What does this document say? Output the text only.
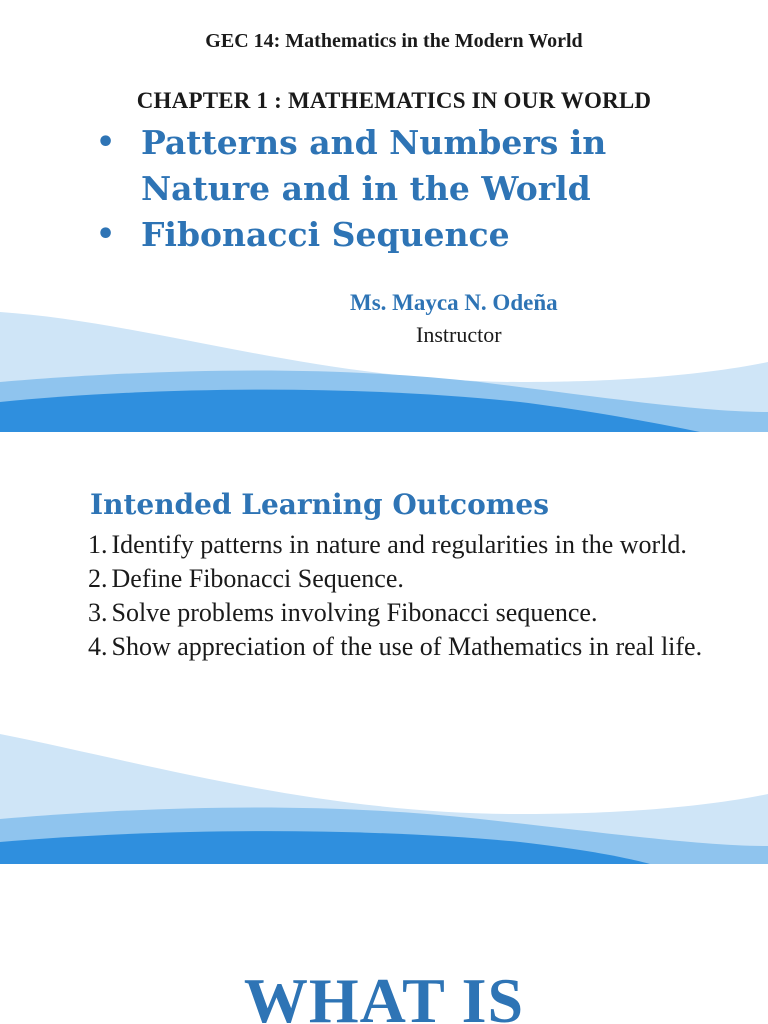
GEC 14: Mathematics in the Modern World
CHAPTER 1 : MATHEMATICS IN OUR WORLD
• Patterns and Numbers in
Nature and in the World
• Fibonacci Sequence
Ms. Mayca N. Odeña
Instructor
Intended Learning Outcomes
1. Identify patterns in nature and regularities in the world.
2. Define Fibonacci Sequence.
3. Solve problems involving Fibonacci sequence.
4. Show appreciation of the use of Mathematics in real life.
WHAT IS
